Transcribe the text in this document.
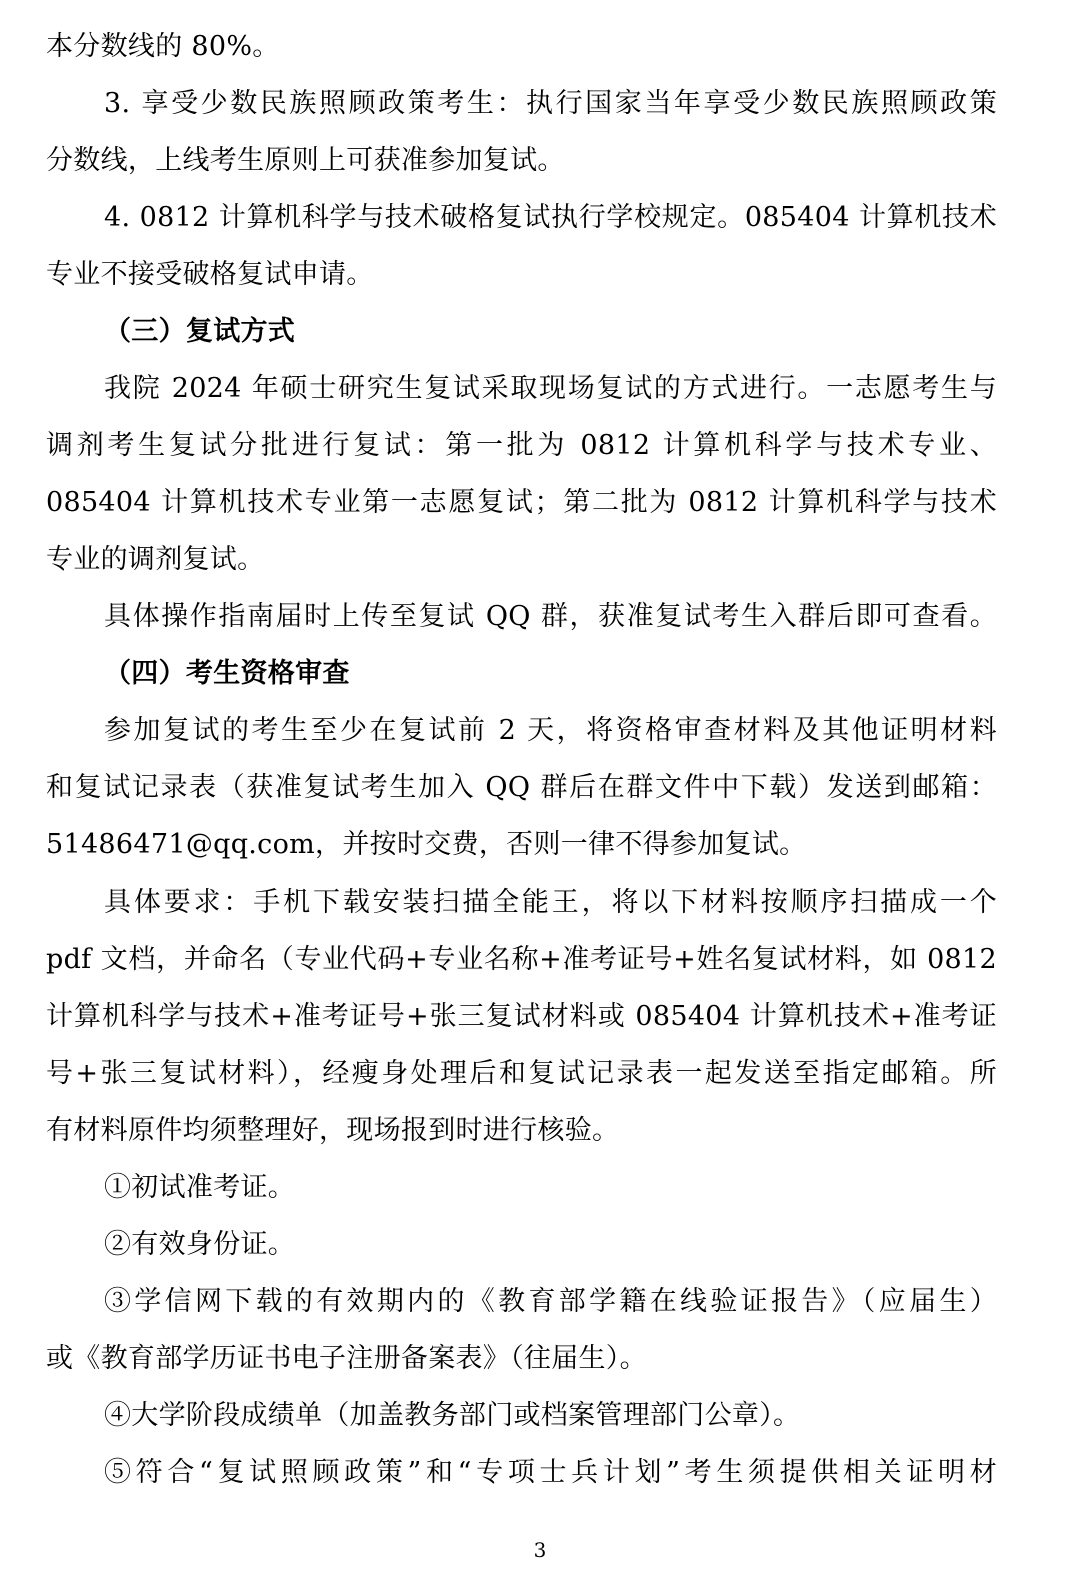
本分数线的 80%。
3. 享受少数民族照顾政策考生：执行国家当年享受少数民族照顾政策
分数线，上线考生原则上可获准参加复试。
4. 0812 计算机科学与技术破格复试执行学校规定。085404 计算机技术
专业不接受破格复试申请。
（三）复试方式
我院 2024 年硕士研究生复试采取现场复试的方式进行。一志愿考生与
调剂考生复试分批进行复试：第一批为 0812 计算机科学与技术专业、
085404 计算机技术专业第一志愿复试；第二批为 0812 计算机科学与技术
专业的调剂复试。
具体操作指南届时上传至复试 QQ 群，获准复试考生入群后即可查看。
（四）考生资格审查
参加复试的考生至少在复试前 2 天，将资格审查材料及其他证明材料
和复试记录表（获准复试考生加入 QQ 群后在群文件中下载）发送到邮箱：
51486471@qq.com，并按时交费，否则一律不得参加复试。
具体要求：手机下载安装扫描全能王，将以下材料按顺序扫描成一个
pdf 文档，并命名（专业代码+专业名称+准考证号+姓名复试材料，如 0812
计算机科学与技术+准考证号+张三复试材料或 085404 计算机技术+准考证
号+张三复试材料），经瘦身处理后和复试记录表一起发送至指定邮箱。所
有材料原件均须整理好，现场报到时进行核验。
①初试准考证。
②有效身份证。
③学信网下载的有效期内的《教育部学籍在线验证报告》（应届生）
或《教育部学历证书电子注册备案表》（往届生）。
④大学阶段成绩单（加盖教务部门或档案管理部门公章）。
⑤符合“复试照顾政策”和“专项士兵计划”考生须提供相关证明材
3
